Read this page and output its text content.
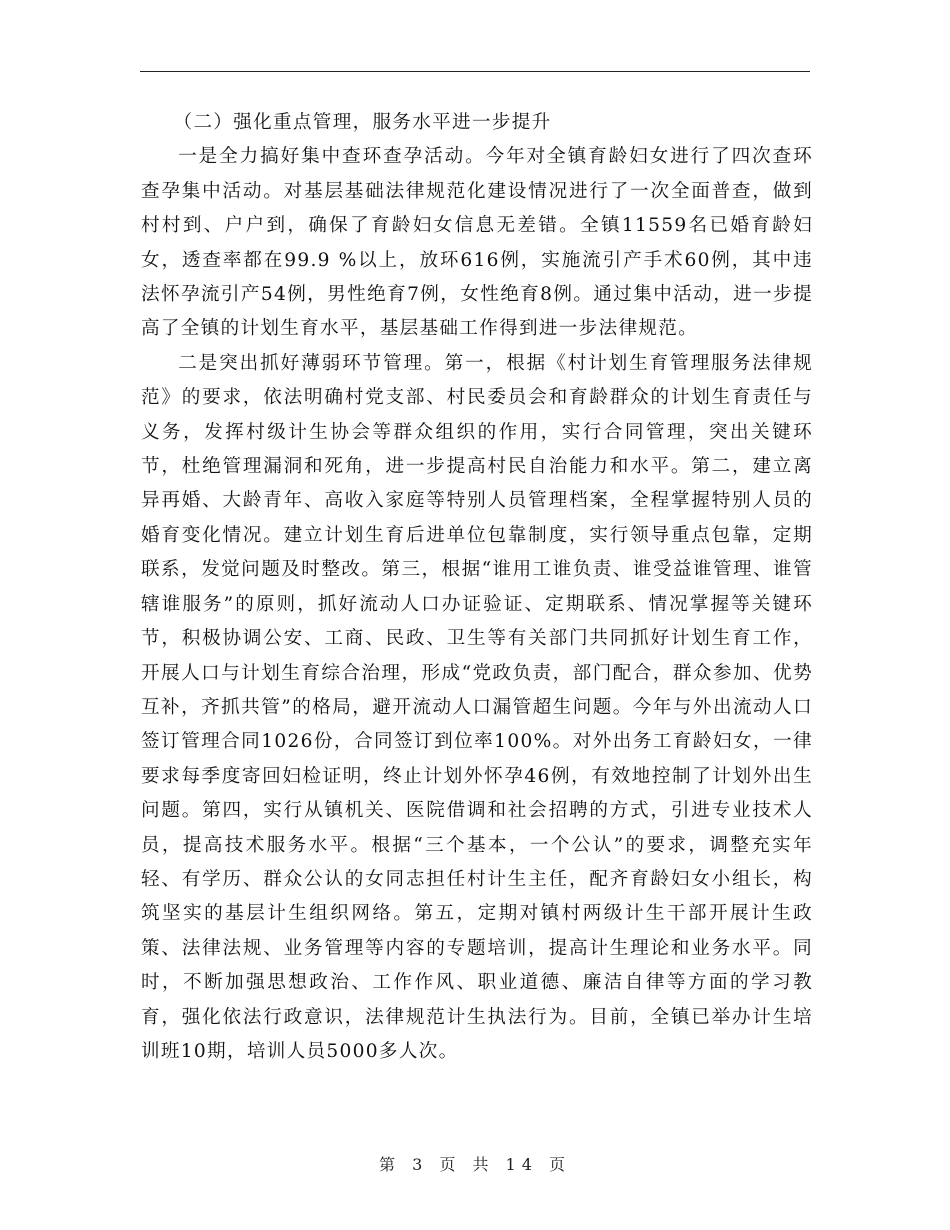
（二）强化重点管理，服务水平进一步提升

一是全力搞好集中查环查孕活动。今年对全镇育龄妇女进行了四次查环查孕集中活动。对基层基础法律规范化建设情况进行了一次全面普查，做到村村到、户户到，确保了育龄妇女信息无差错。全镇11559名已婚育龄妇女，透查率都在99.9 %以上，放环616例，实施流引产手术60例，其中违法怀孕流引产54例，男性绝育7例，女性绝育8例。通过集中活动，进一步提高了全镇的计划生育水平，基层基础工作得到进一步法律规范。

二是突出抓好薄弱环节管理。第一，根据《村计划生育管理服务法律规范》的要求，依法明确村党支部、村民委员会和育龄群众的计划生育责任与义务，发挥村级计生协会等群众组织的作用，实行合同管理，突出关键环节，杜绝管理漏洞和死角，进一步提高村民自治能力和水平。第二，建立离异再婚、大龄青年、高收入家庭等特别人员管理档案，全程掌握特别人员的婚育变化情况。建立计划生育后进单位包靠制度，实行领导重点包靠，定期联系，发觉问题及时整改。第三，根据“谁用工谁负责、谁受益谁管理、谁管辖谁服务”的原则，抓好流动人口办证验证、定期联系、情况掌握等关键环节，积极协调公安、工商、民政、卫生等有关部门共同抓好计划生育工作，开展人口与计划生育综合治理，形成“党政负责，部门配合，群众参加、优势互补，齐抓共管”的格局，避开流动人口漏管超生问题。今年与外出流动人口签订管理合同1026份，合同签订到位率100%。对外出务工育龄妇女，一律要求每季度寄回妇检证明，终止计划外怀孕46例，有效地控制了计划外出生问题。第四，实行从镇机关、医院借调和社会招聘的方式，引进专业技术人员，提高技术服务水平。根据“三个基本，一个公认”的要求，调整充实年轻、有学历、群众公认的女同志担任村计生主任，配齐育龄妇女小组长，构筑坚实的基层计生组织网络。第五，定期对镇村两级计生干部开展计生政策、法律法规、业务管理等内容的专题培训，提高计生理论和业务水平。同时，不断加强思想政治、工作作风、职业道德、廉洁自律等方面的学习教育，强化依法行政意识，法律规范计生执法行为。目前，全镇已举办计生培训班10期，培训人员5000多人次。

第 3 页 共 14 页
